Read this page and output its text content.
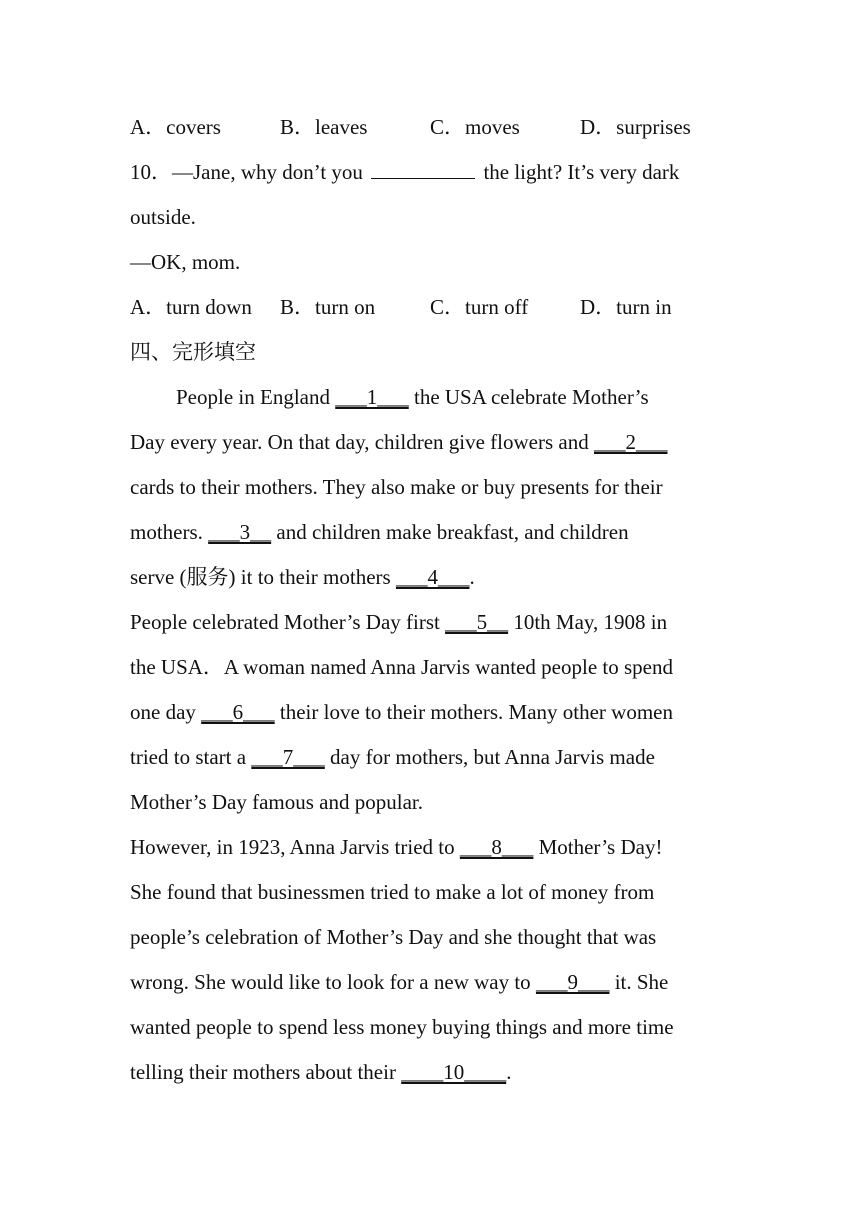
A．covers	B．leaves	C．moves	D．surprises
10．—Jane, why don’t you	the light? It’s very dark
outside.
—OK, mom.
A．turn down B．turn on	C．turn off D．turn in
四、完形填空
People in England ___1___ the USA celebrate Mother’s
Day every year. On that day, children give flowers and ___2___
cards to their mothers. They also make or buy presents for their
mothers. ___3__ and children make breakfast, and children
serve (服务) it to their mothers ___4___.
People celebrated Mother’s Day first ___5__ 10th May, 1908 in
the USA．A woman named Anna Jarvis wanted people to spend
one day ___6___ their love to their mothers. Many other women
tried to start a ___7___ day for mothers, but Anna Jarvis made
Mother’s Day famous and popular.
However, in 1923, Anna Jarvis tried to ___8___ Mother’s Day!
She found that businessmen tried to make a lot of money from
people’s celebration of Mother’s Day and she thought that was
wrong. She would like to look for a new way to ___9___ it. She
wanted people to spend less money buying things and more time
telling their mothers about their ____10____.
